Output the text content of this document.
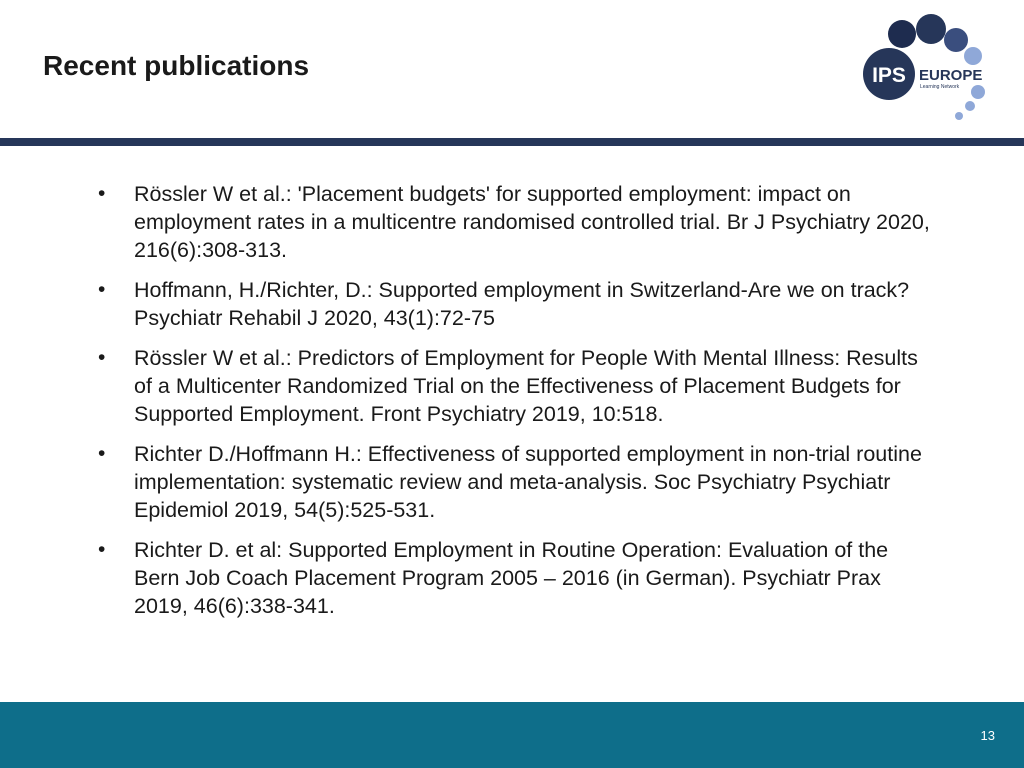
Recent publications	IPS EUROPE
Learning Network
• Rössler W et al.: 'Placement budgets' for supported employment: impact on employment rates in a multicentre randomised controlled trial. Br J Psychiatry 2020, 216(6):308-313.
• Hoffmann, H./Richter, D.: Supported employment in Switzerland-Are we on track? Psychiatr Rehabil J 2020, 43(1):72-75
• Rössler W et al.: Predictors of Employment for People With Mental Illness: Results of a Multicenter Randomized Trial on the Effectiveness of Placement Budgets for Supported Employment. Front Psychiatry 2019, 10:518.
• Richter D./Hoffmann H.: Effectiveness of supported employment in non-trial routine implementation: systematic review and meta-analysis. Soc Psychiatry Psychiatr Epidemiol 2019, 54(5):525-531.
• Richter D. et al: Supported Employment in Routine Operation: Evaluation of the Bern Job Coach Placement Program 2005 – 2016 (in German). Psychiatr Prax 2019, 46(6):338-341.
13
